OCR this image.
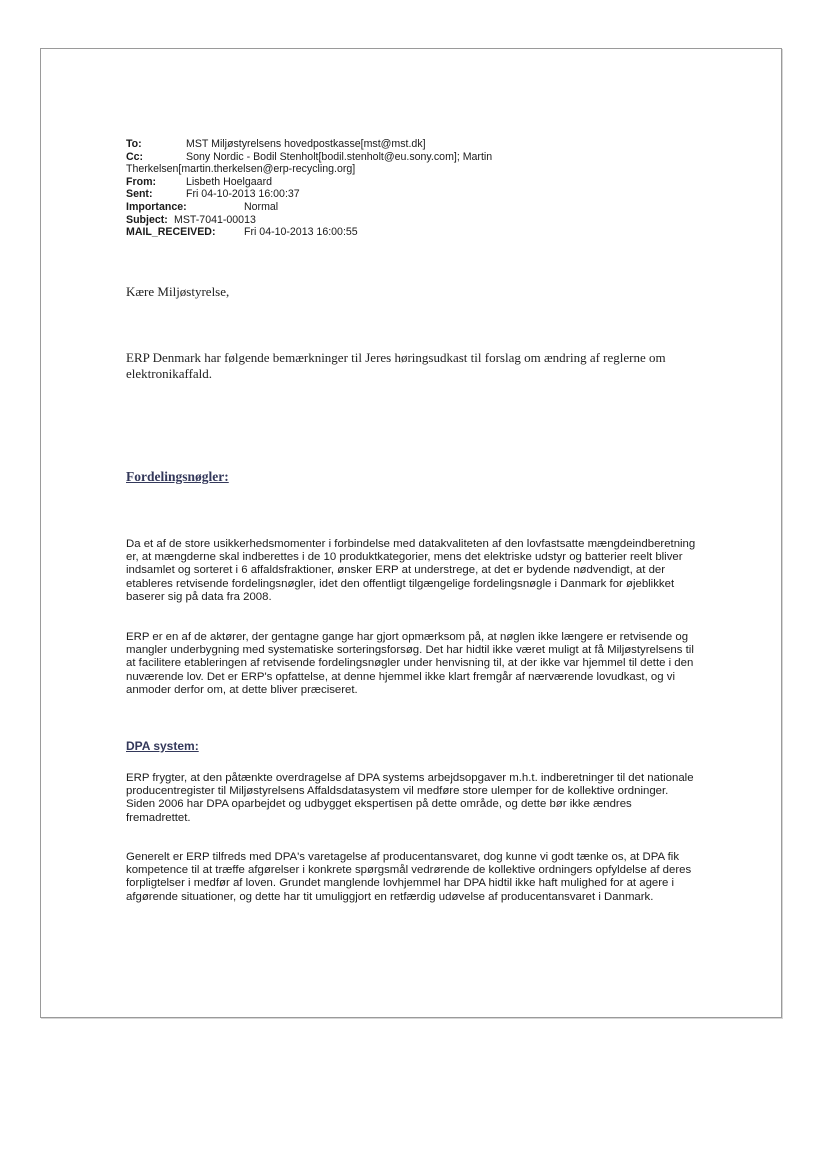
To:	MST Miljøstyrelsens hovedpostkasse[mst@mst.dk]
Cc:	Sony Nordic - Bodil Stenholt[bodil.stenholt@eu.sony.com]; Martin
Therkelsen[martin.therkelsen@erp-recycling.org]
From:	Lisbeth Hoelgaard
Sent:	Fri 04-10-2013 16:00:37
Importance:	Normal
Subject: MST-7041-00013
MAIL_RECEIVED:	Fri 04-10-2013 16:00:55
Kære Miljøstyrelse,
ERP Denmark har følgende bemærkninger til Jeres høringsudkast til forslag om ændring af reglerne om elektronikaffald.
Fordelingsnøgler:
Da et af de store usikkerhedsmomenter i forbindelse med datakvaliteten af den lovfastsatte mængdeindberetning er, at mængderne skal indberettes i de 10 produktkategorier, mens det elektriske udstyr og batterier reelt bliver indsamlet og sorteret i 6 affaldsfraktioner, ønsker ERP at understrege, at det er bydende nødvendigt, at der etableres retvisende fordelingsnøgler, idet den offentligt tilgængelige fordelingsnøgle i Danmark for øjeblikket baserer sig på data fra 2008.
ERP er en af de aktører, der gentagne gange har gjort opmærksom på, at nøglen ikke længere er retvisende og mangler underbygning med systematiske sorteringsforsøg. Det har hidtil ikke været muligt at få Miljøstyrelsens til at facilitere etableringen af retvisende fordelingsnøgler under henvisning til, at der ikke var hjemmel til dette i den nuværende lov. Det er ERP's opfattelse, at denne hjemmel ikke klart fremgår af nærværende lovudkast, og vi anmoder derfor om, at dette bliver præciseret.
DPA system:
ERP frygter, at den påtænkte overdragelse af DPA systems arbejdsopgaver m.h.t. indberetninger til det nationale producentregister til Miljøstyrelsens Affaldsdatasystem vil medføre store ulemper for de kollektive ordninger. Siden 2006 har DPA oparbejdet og udbygget ekspertisen på dette område, og dette bør ikke ændres fremadrettet.
Generelt er ERP tilfreds med DPA's varetagelse af producentansvaret, dog kunne vi godt tænke os, at DPA fik kompetence til at træffe afgørelser i konkrete spørgsmål vedrørende de kollektive ordningers opfyldelse af deres forpligtelser i medfør af loven. Grundet manglende lovhjemmel har DPA hidtil ikke haft mulighed for at agere i afgørende situationer, og dette har tit umuliggjort en retfærdig udøvelse af producentansvaret i Danmark.
